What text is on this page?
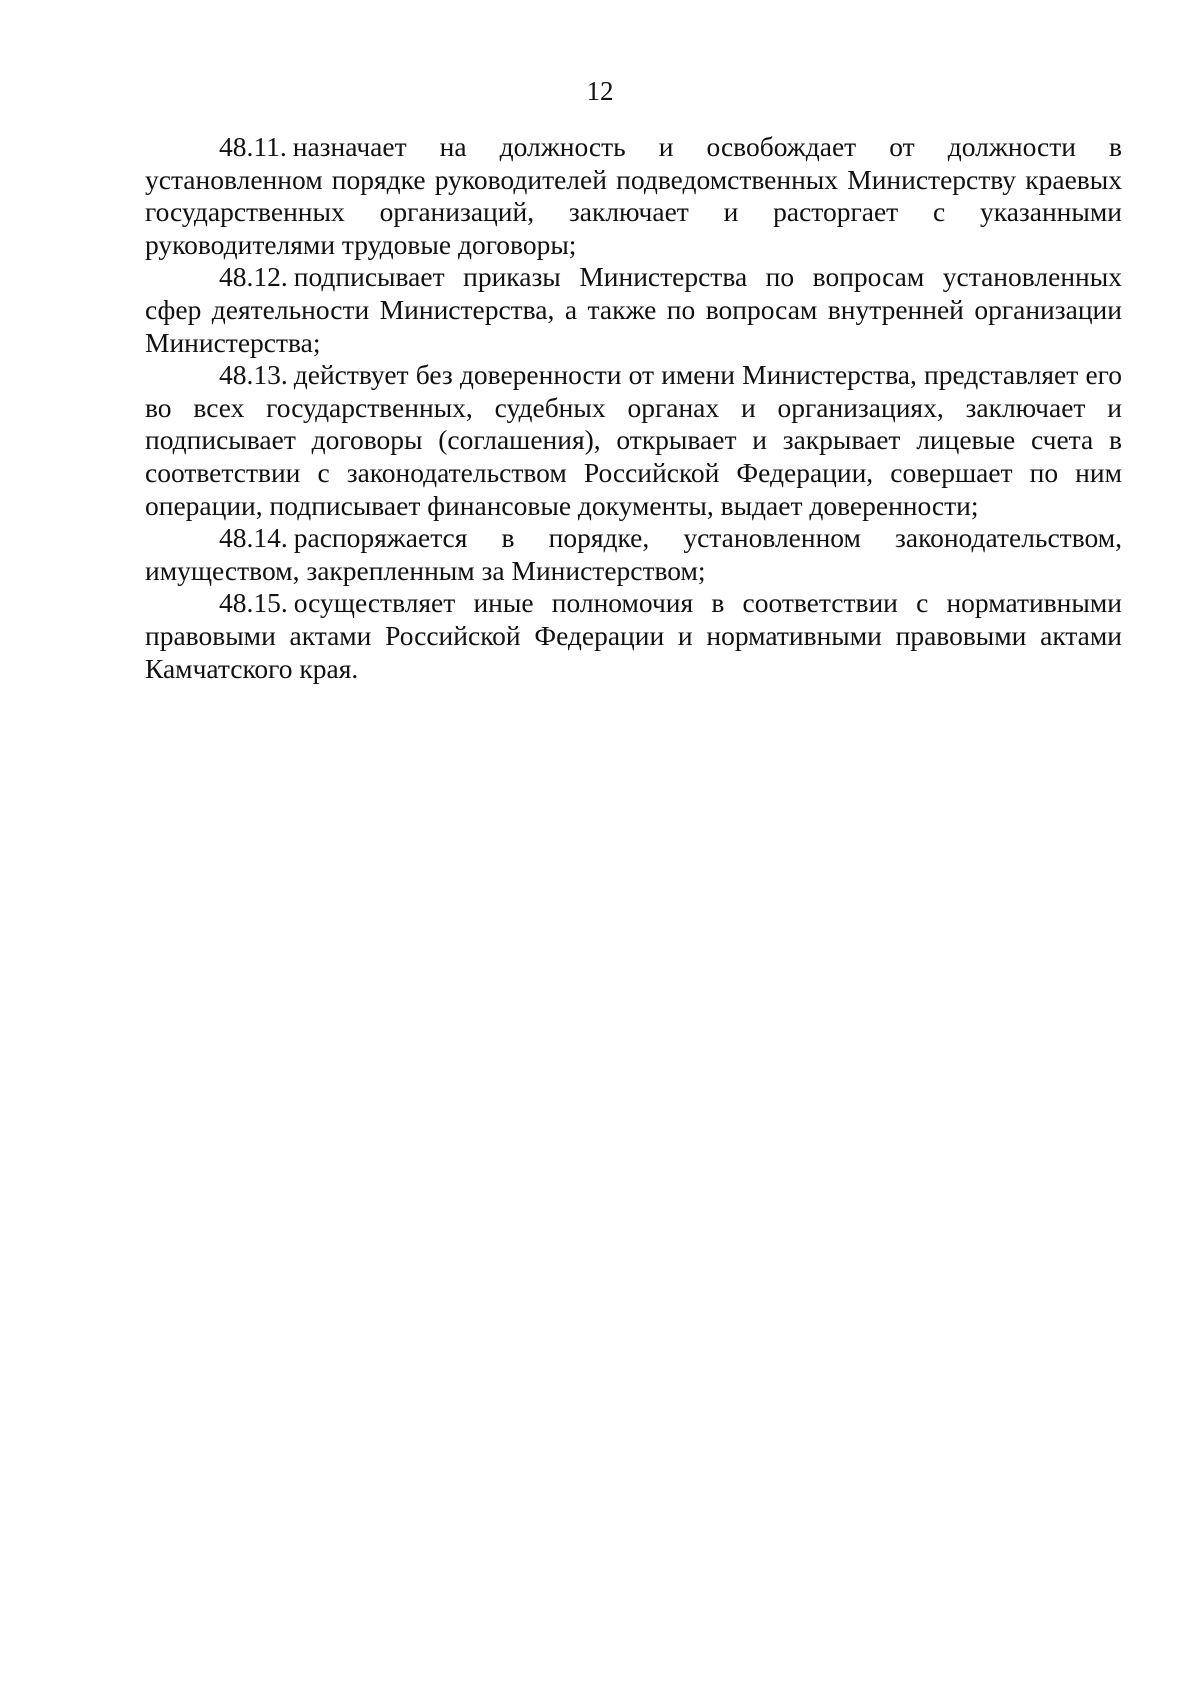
12

48.11. назначает на должность и освобождает от должности в установленном порядке руководителей подведомственных Министерству краевых государственных организаций, заключает и расторгает с указанными руководителями трудовые договоры;

48.12. подписывает приказы Министерства по вопросам установленных сфер деятельности Министерства, а также по вопросам внутренней организации Министерства;

48.13. действует без доверенности от имени Министерства, представляет его во всех государственных, судебных органах и организациях, заключает и подписывает договоры (соглашения), открывает и закрывает лицевые счета в соответствии с законодательством Российской Федерации, совершает по ним операции, подписывает финансовые документы, выдает доверенности;

48.14. распоряжается в порядке, установленном законодательством, имуществом, закрепленным за Министерством;

48.15. осуществляет иные полномочия в соответствии с нормативными правовыми актами Российской Федерации и нормативными правовыми актами Камчатского края.
